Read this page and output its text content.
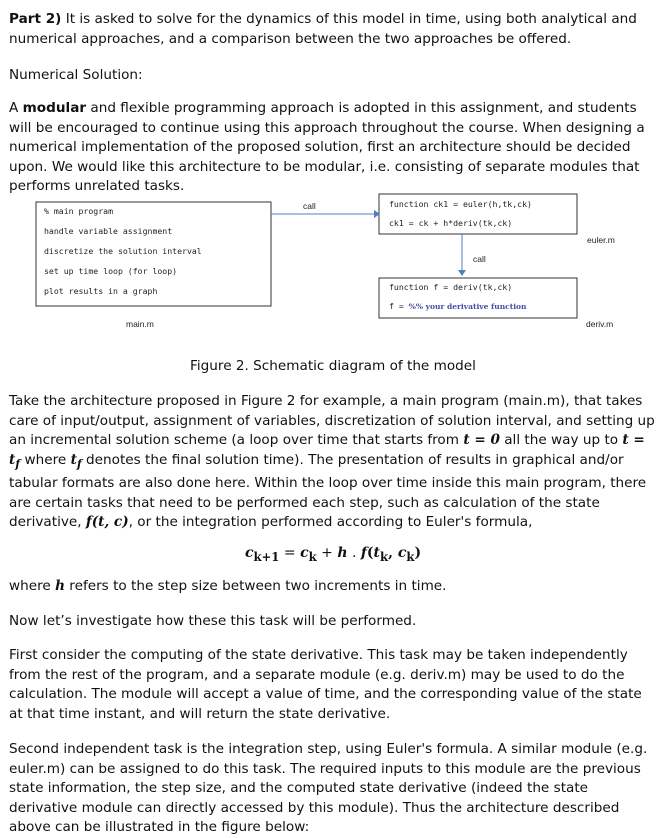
Part 2) It is asked to solve for the dynamics of this model in time, using both analytical and numerical approaches, and a comparison between the two approaches be offered.

Numerical Solution:

A modular and flexible programming approach is adopted in this assignment, and students will be encouraged to continue using this approach throughout the course. When designing a numerical implementation of the proposed solution, first an architecture should be decided upon. We would like this architecture to be modular, i.e. consisting of separate modules that performs unrelated tasks.

% main program
handle variable assignment
discretize the solution interval
set up time loop (for loop)
plot results in a graph
main.m
call	function ck1 = euler(h,tk,ck)
ck1 = ck + h*deriv(tk,ck)
euler.m
call
function f = deriv(tk,ck)
f = %% your derivative function
deriv.m
Figure 2. Schematic diagram of the model

Take the architecture proposed in Figure 2 for example, a main program (main.m), that takes care of input/output, assignment of variables, discretization of solution interval, and setting up an incremental solution scheme (a loop over time that starts from t = 0 all the way up to $t = t_f$ where $t_f$ denotes the final solution time). The presentation of results in graphical and/or tabular formats are also done here. Within the loop over time inside this main program, there are certain tasks that need to be performed each step, such as calculation of the state derivative, f(t, c), or the integration performed according to Euler's formula,

$c_{k+1} = c_k + h$ . $f(t_k$, $c_k$)

where h refers to the step size between two increments in time.

Now let’s investigate how these this task will be performed.

First consider the computing of the state derivative. This task may be taken independently from the rest of the program, and a separate module (e.g. deriv.m) may be used to do the calculation. The module will accept a value of time, and the corresponding value of the state at that time instant, and will return the state derivative.

Second independent task is the integration step, using Euler's formula. A similar module (e.g. euler.m) can be assigned to do this task. The required inputs to this module are the previous state information, the step size, and the computed state derivative (indeed the state derivative module can directly accessed by this module). Thus the architecture described above can be illustrated in the figure below:
